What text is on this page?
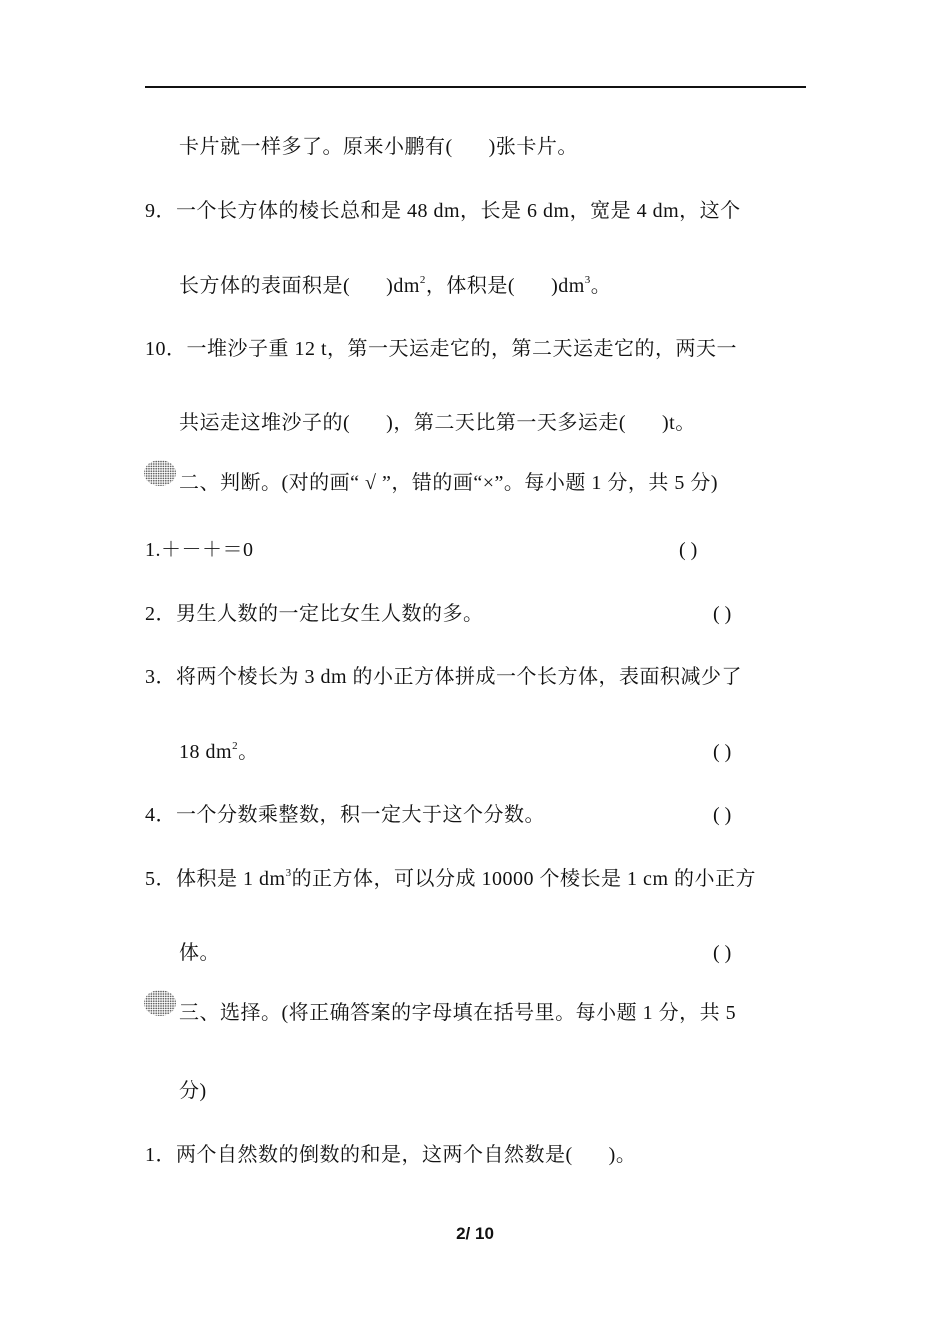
卡片就一样多了。原来小鹏有( )张卡片。
9．一个长方体的棱长总和是 48 dm，长是 6 dm，宽是 4 dm，这个
长方体的表面积是( )$dm^2$，体积是( )$dm^3$。
10．一堆沙子重 12 t，第一天运走它的，第二天运走它的，两天一
共运走这堆沙子的( )，第二天比第一天多运走( )t。
二、判断。(对的画“ √ ”，错的画“×”。每小题 1 分，共 5 分)
1.＋－＋＝0	( )
2．男生人数的一定比女生人数的多。	( )
3．将两个棱长为 3 dm 的小正方体拼成一个长方体，表面积减少了
18 $dm^2$。	( )
4．一个分数乘整数，积一定大于这个分数。	( )
5．体积是 1 $dm^3$的正方体，可以分成 10000 个棱长是 1 cm 的小正方
体。	( )
三、选择。(将正确答案的字母填在括号里。每小题 1 分，共 5
分)
1．两个自然数的倒数的和是，这两个自然数是( )。
2/ 10
